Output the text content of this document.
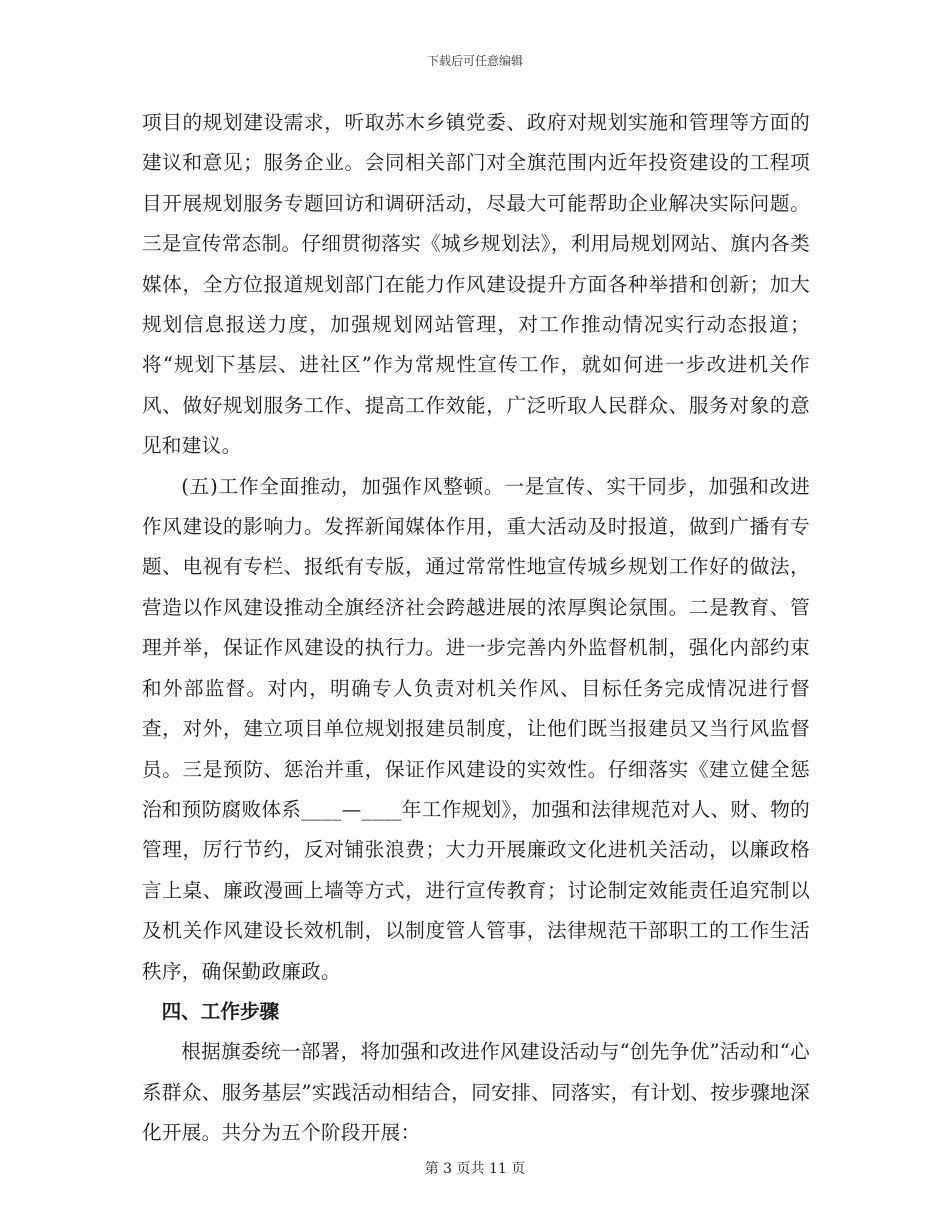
下载后可任意编辑

项目的规划建设需求，听取苏木乡镇党委、政府对规划实施和管理等方面的建议和意见；服务企业。会同相关部门对全旗范围内近年投资建设的工程项目开展规划服务专题回访和调研活动，尽最大可能帮助企业解决实际问题。三是宣传常态制。仔细贯彻落实《城乡规划法》，利用局规划网站、旗内各类媒体，全方位报道规划部门在能力作风建设提升方面各种举措和创新；加大规划信息报送力度，加强规划网站管理，对工作推动情况实行动态报道；将“规划下基层、进社区”作为常规性宣传工作，就如何进一步改进机关作风、做好规划服务工作、提高工作效能，广泛听取人民群众、服务对象的意见和建议。

(五)工作全面推动，加强作风整顿。一是宣传、实干同步，加强和改进作风建设的影响力。发挥新闻媒体作用，重大活动及时报道，做到广播有专题、电视有专栏、报纸有专版，通过常常性地宣传城乡规划工作好的做法，营造以作风建设推动全旗经济社会跨越进展的浓厚舆论氛围。二是教育、管理并举，保证作风建设的执行力。进一步完善内外监督机制，强化内部约束和外部监督。对内，明确专人负责对机关作风、目标任务完成情况进行督查，对外，建立项目单位规划报建员制度，让他们既当报建员又当行风监督员。三是预防、惩治并重，保证作风建设的实效性。仔细落实《建立健全惩治和预防腐败体系____—____年工作规划》，加强和法律规范对人、财、物的管理，厉行节约，反对铺张浪费；大力开展廉政文化进机关活动，以廉政格言上桌、廉政漫画上墙等方式，进行宣传教育；讨论制定效能责任追究制以及机关作风建设长效机制，以制度管人管事，法律规范干部职工的工作生活秩序，确保勤政廉政。

四、工作步骤

根据旗委统一部署，将加强和改进作风建设活动与“创先争优”活动和“心系群众、服务基层”实践活动相结合，同安排、同落实，有计划、按步骤地深化开展。共分为五个阶段开展：

第 3 页共 11 页
